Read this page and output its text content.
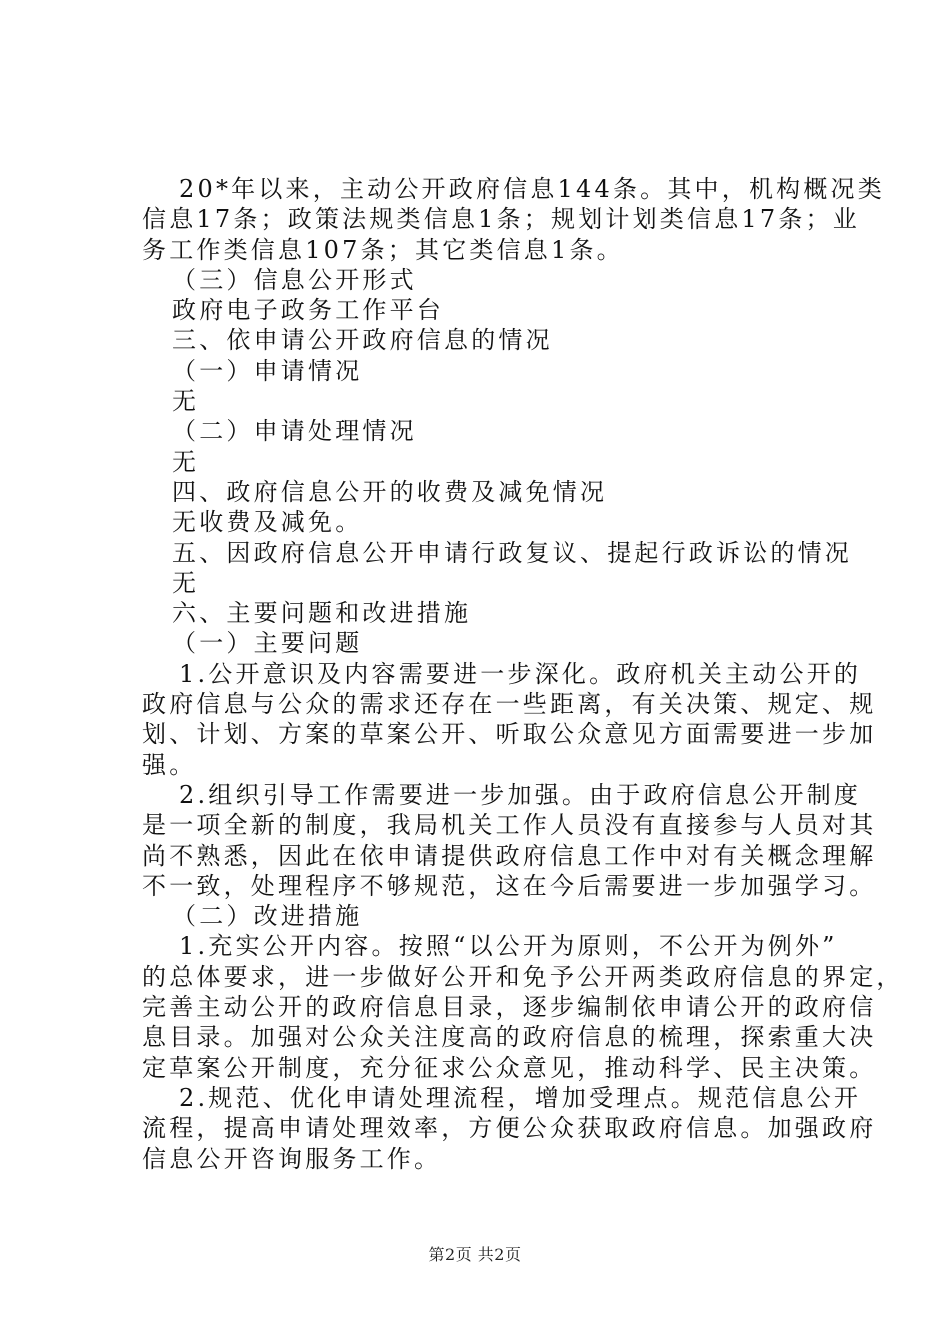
20*年以来，主动公开政府信息144条。其中，机构概况类

信息17条；政策法规类信息1条；规划计划类信息17条；业

务工作类信息107条；其它类信息1条。

（三）信息公开形式

政府电子政务工作平台

三、依申请公开政府信息的情况

（一）申请情况

无

（二）申请处理情况

无

四、政府信息公开的收费及减免情况

无收费及减免。

五、因政府信息公开申请行政复议、提起行政诉讼的情况

无

六、主要问题和改进措施

（一）主要问题

1.公开意识及内容需要进一步深化。政府机关主动公开的

政府信息与公众的需求还存在一些距离，有关决策、规定、规

划、计划、方案的草案公开、听取公众意见方面需要进一步加

强。

2.组织引导工作需要进一步加强。由于政府信息公开制度

是一项全新的制度，我局机关工作人员没有直接参与人员对其

尚不熟悉，因此在依申请提供政府信息工作中对有关概念理解

不一致，处理程序不够规范，这在今后需要进一步加强学习。

（二）改进措施

1.充实公开内容。按照“以公开为原则，不公开为例外”

的总体要求，进一步做好公开和免予公开两类政府信息的界定，

完善主动公开的政府信息目录，逐步编制依申请公开的政府信

息目录。加强对公众关注度高的政府信息的梳理，探索重大决

定草案公开制度，充分征求公众意见，推动科学、民主决策。

2.规范、优化申请处理流程，增加受理点。规范信息公开

流程，提高申请处理效率，方便公众获取政府信息。加强政府

信息公开咨询服务工作。

第2页 共2页
